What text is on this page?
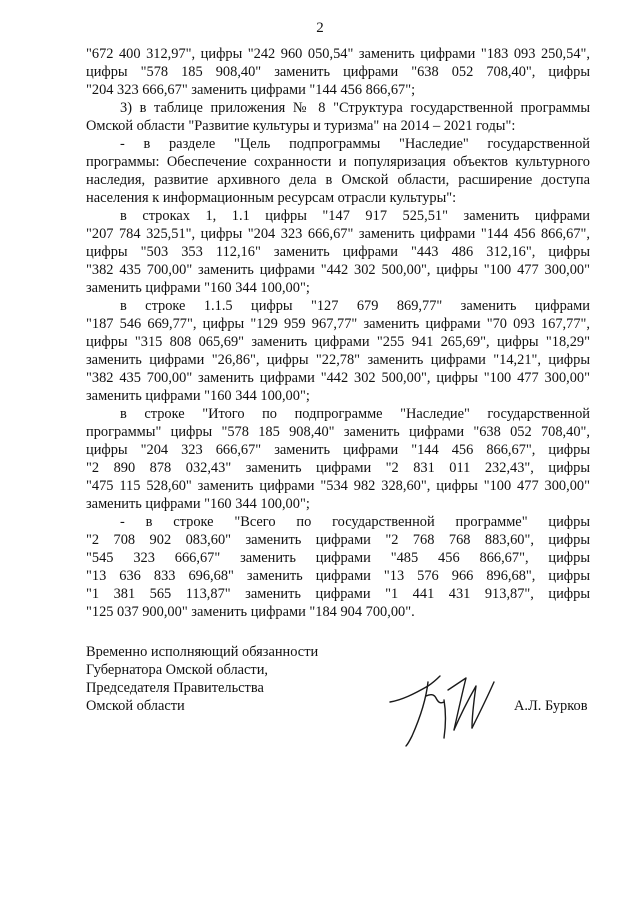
2

"672 400 312,97", цифры "242 960 050,54" заменить цифрами "183 093 250,54",

цифры "578 185 908,40" заменить цифрами "638 052 708,40", цифры

"204 323 666,67" заменить цифрами "144 456 866,67";

3) в таблице приложения № 8 "Структура государственной программы

Омской области "Развитие культуры и туризма" на 2014 – 2021 годы":

- в разделе "Цель подпрограммы "Наследие" государственной

программы: Обеспечение сохранности и популяризация объектов культурного

наследия, развитие архивного дела в Омской области, расширение доступа

населения к информационным ресурсам отрасли культуры":

в строках 1, 1.1 цифры "147 917 525,51" заменить цифрами

"207 784 325,51", цифры "204 323 666,67" заменить цифрами "144 456 866,67",

цифры "503 353 112,16" заменить цифрами "443 486 312,16", цифры

"382 435 700,00" заменить цифрами "442 302 500,00", цифры "100 477 300,00"

заменить цифрами "160 344 100,00";

в строке 1.1.5 цифры "127 679 869,77" заменить цифрами

"187 546 669,77", цифры "129 959 967,77" заменить цифрами "70 093 167,77",

цифры "315 808 065,69" заменить цифрами "255 941 265,69", цифры "18,29"

заменить цифрами "26,86", цифры "22,78" заменить цифрами "14,21", цифры

"382 435 700,00" заменить цифрами "442 302 500,00", цифры "100 477 300,00"

заменить цифрами "160 344 100,00";

в строке "Итого по подпрограмме "Наследие" государственной

программы" цифры "578 185 908,40" заменить цифрами "638 052 708,40",

цифры "204 323 666,67" заменить цифрами "144 456 866,67", цифры

"2 890 878 032,43" заменить цифрами "2 831 011 232,43", цифры

"475 115 528,60" заменить цифрами "534 982 328,60", цифры "100 477 300,00"

заменить цифрами "160 344 100,00";

- в строке "Всего по государственной программе" цифры

"2 708 902 083,60" заменить цифрами "2 768 768 883,60", цифры

"545 323 666,67" заменить цифрами "485 456 866,67", цифры

"13 636 833 696,68" заменить цифрами "13 576 966 896,68", цифры

"1 381 565 113,87" заменить цифрами "1 441 431 913,87", цифры

"125 037 900,00" заменить цифрами "184 904 700,00".

Временно исполняющий обязанности
Губернатора Омской области,
Председателя Правительства
Омской области	А.Л. Бурков
